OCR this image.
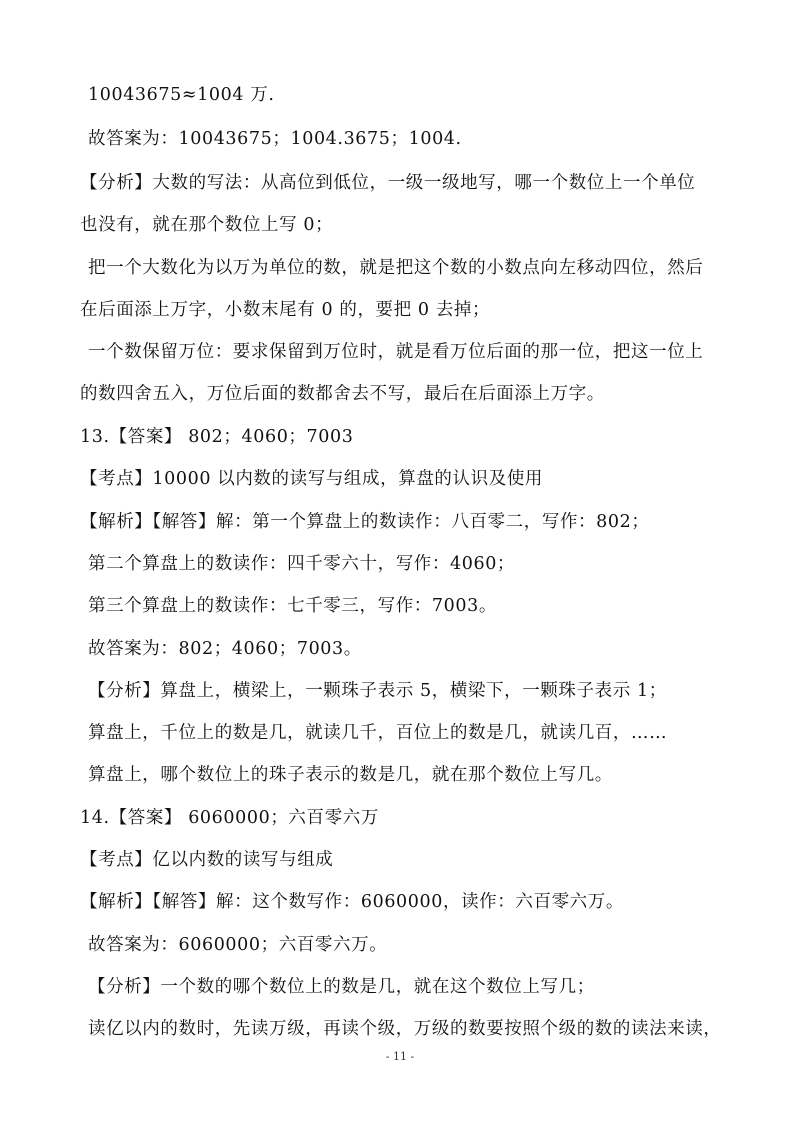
10043675≈1004 万.
故答案为：10043675；1004.3675；1004.
【分析】大数的写法：从高位到低位，一级一级地写，哪一个数位上一个单位
也没有，就在那个数位上写 0；
把一个大数化为以万为单位的数，就是把这个数的小数点向左移动四位，然后
在后面添上万字，小数末尾有 0 的，要把 0 去掉；
一个数保留万位：要求保留到万位时，就是看万位后面的那一位，把这一位上
的数四舍五入，万位后面的数都舍去不写，最后在后面添上万字。
13.【答案】 802；4060；7003
【考点】10000 以内数的读写与组成，算盘的认识及使用
【解析】【解答】解：第一个算盘上的数读作：八百零二，写作：802；
第二个算盘上的数读作：四千零六十，写作：4060；
第三个算盘上的数读作：七千零三，写作：7003。
故答案为：802；4060；7003。
【分析】算盘上，横梁上，一颗珠子表示 5，横梁下，一颗珠子表示 1；
算盘上，千位上的数是几，就读几千，百位上的数是几，就读几百，……
算盘上，哪个数位上的珠子表示的数是几，就在那个数位上写几。
14.【答案】 6060000；六百零六万
【考点】亿以内数的读写与组成
【解析】【解答】解：这个数写作：6060000，读作：六百零六万。
故答案为：6060000；六百零六万。
【分析】一个数的哪个数位上的数是几，就在这个数位上写几；
读亿以内的数时，先读万级，再读个级，万级的数要按照个级的数的读法来读，
- 11 -
